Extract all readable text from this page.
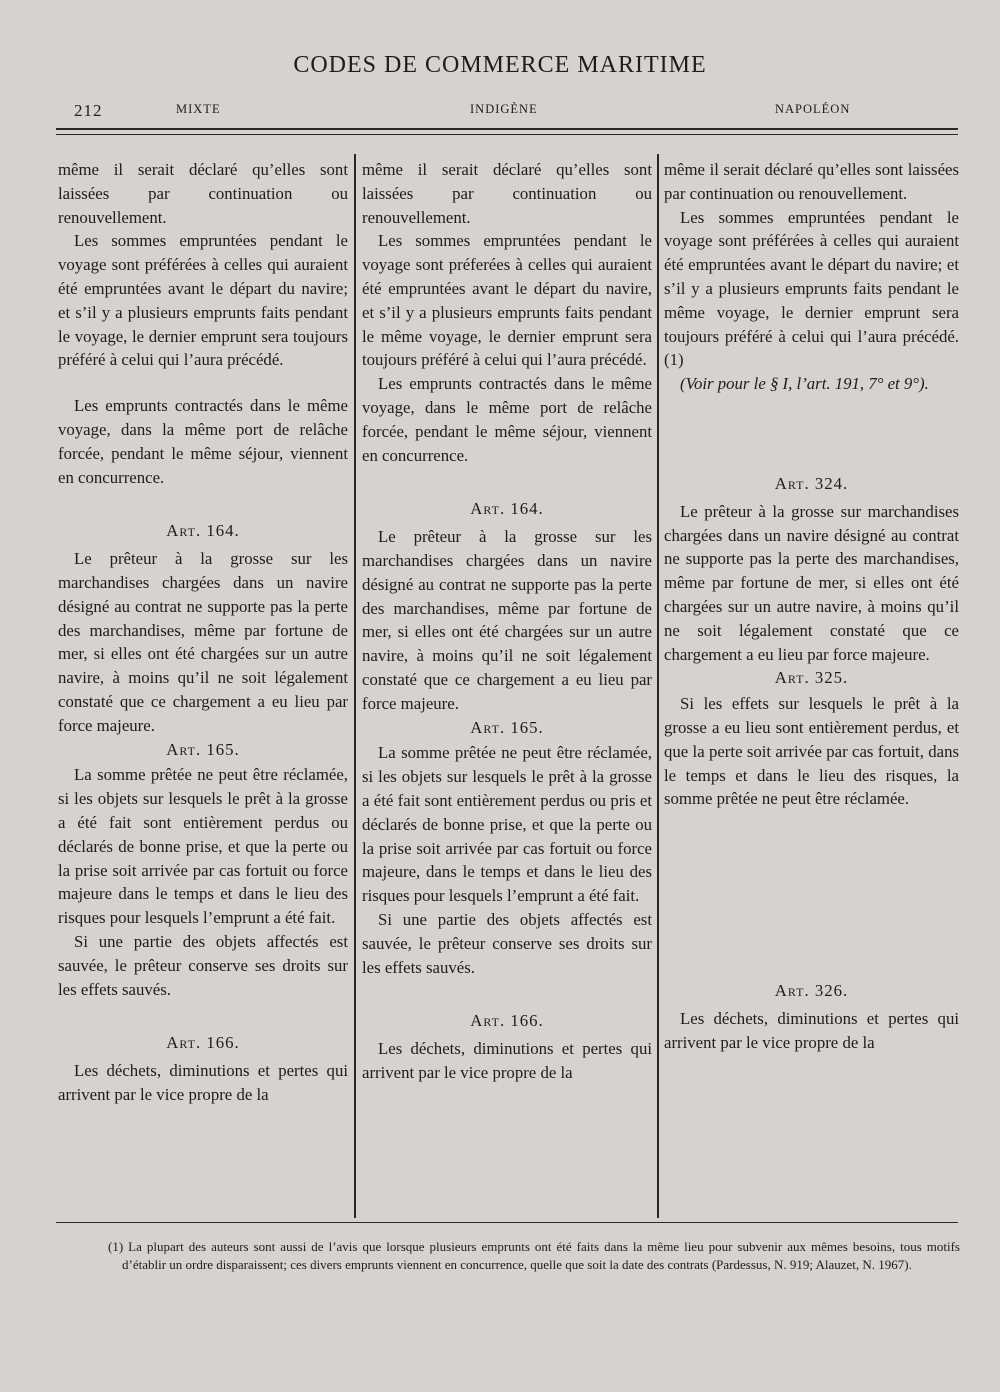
CODES DE COMMERCE MARITIME
212	MIXTE	INDIGÈNE	NAPOLÉON

même il serait déclaré qu’elles sont laissées par continuation ou renouvellement.

Les sommes empruntées pendant le voyage sont préférées à celles qui auraient été empruntées avant le départ du navire; et s’il y a plusieurs emprunts faits pendant le voyage, le dernier emprunt sera toujours préféré à celui qui l’aura précédé.

Les emprunts contractés dans le même voyage, dans la même port de relâche forcée, pendant le même séjour, viennent en concurrence.

Art. 164.

Le prêteur à la grosse sur les marchandises chargées dans un navire désigné au contrat ne supporte pas la perte des marchandises, même par fortune de mer, si elles ont été chargées sur un autre navire, à moins qu’il ne soit légalement constaté que ce chargement a eu lieu par force majeure.

Art. 165.

La somme prêtée ne peut être réclamée, si les objets sur lesquels le prêt à la grosse a été fait sont entièrement perdus ou déclarés de bonne prise, et que la perte ou la prise soit arrivée par cas fortuit ou force majeure dans le temps et dans le lieu des risques pour lesquels l’emprunt a été fait.

Si une partie des objets affectés est sauvée, le prêteur conserve ses droits sur les effets sauvés.

Art. 166.

Les déchets, diminutions et pertes qui arrivent par le vice propre de la

même il serait déclaré qu’elles sont laissées par continuation ou renouvellement.

Les sommes empruntées pendant le voyage sont préferées à celles qui auraient été empruntées avant le départ du navire, et s’il y a plusieurs emprunts faits pendant le même voyage, le dernier emprunt sera toujours préféré à celui qui l’aura précédé.

Les emprunts contractés dans le même voyage, dans le même port de relâche forcée, pendant le même séjour, viennent en concurrence.

Art. 164.

Le prêteur à la grosse sur les marchandises chargées dans un navire désigné au contrat ne supporte pas la perte des marchandises, même par fortune de mer, si elles ont été chargées sur un autre navire, à moins qu’il ne soit légalement constaté que ce chargement a eu lieu par force majeure.

Art. 165.

La somme prêtée ne peut être réclamée, si les objets sur lesquels le prêt à la grosse a été fait sont entièrement perdus ou pris et déclarés de bonne prise, et que la perte ou la prise soit arrivée par cas fortuit ou force majeure, dans le temps et dans le lieu des risques pour lesquels l’emprunt a été fait.

Si une partie des objets affectés est sauvée, le prêteur conserve ses droits sur les effets sauvés.

Art. 166.

Les déchets, diminutions et pertes qui arrivent par le vice propre de la

même il serait déclaré qu’elles sont laissées par continuation ou renouvellement.

Les sommes empruntées pendant le voyage sont préférées à celles qui auraient été empruntées avant le départ du navire; et s’il y a plusieurs emprunts faits pendant le même voyage, le dernier emprunt sera toujours préféré à celui qui l’aura précédé. (1)

(Voir pour le § I, l’art. 191, 7° et 9°).

Art. 324.

Le prêteur à la grosse sur marchandises chargées dans un navire désigné au contrat ne supporte pas la perte des marchandises, même par fortune de mer, si elles ont été chargées sur un autre navire, à moins qu’il ne soit légalement constaté que ce chargement a eu lieu par force majeure.

Art. 325.

Si les effets sur lesquels le prêt à la grosse a eu lieu sont entièrement perdus, et que la perte soit arrivée par cas fortuit, dans le temps et dans le lieu des risques, la somme prêtée ne peut être réclamée.

Art. 326.

Les déchets, diminutions et pertes qui arrivent par le vice propre de la

(1) La plupart des auteurs sont aussi de l’avis que lorsque plusieurs emprunts ont été faits dans la même lieu pour subvenir aux mêmes besoins, tous motifs d’établir un ordre disparaissent; ces divers emprunts viennent en concurrence, quelle que soit la date des contrats (Pardessus, N. 919; Alauzet, N. 1967).
